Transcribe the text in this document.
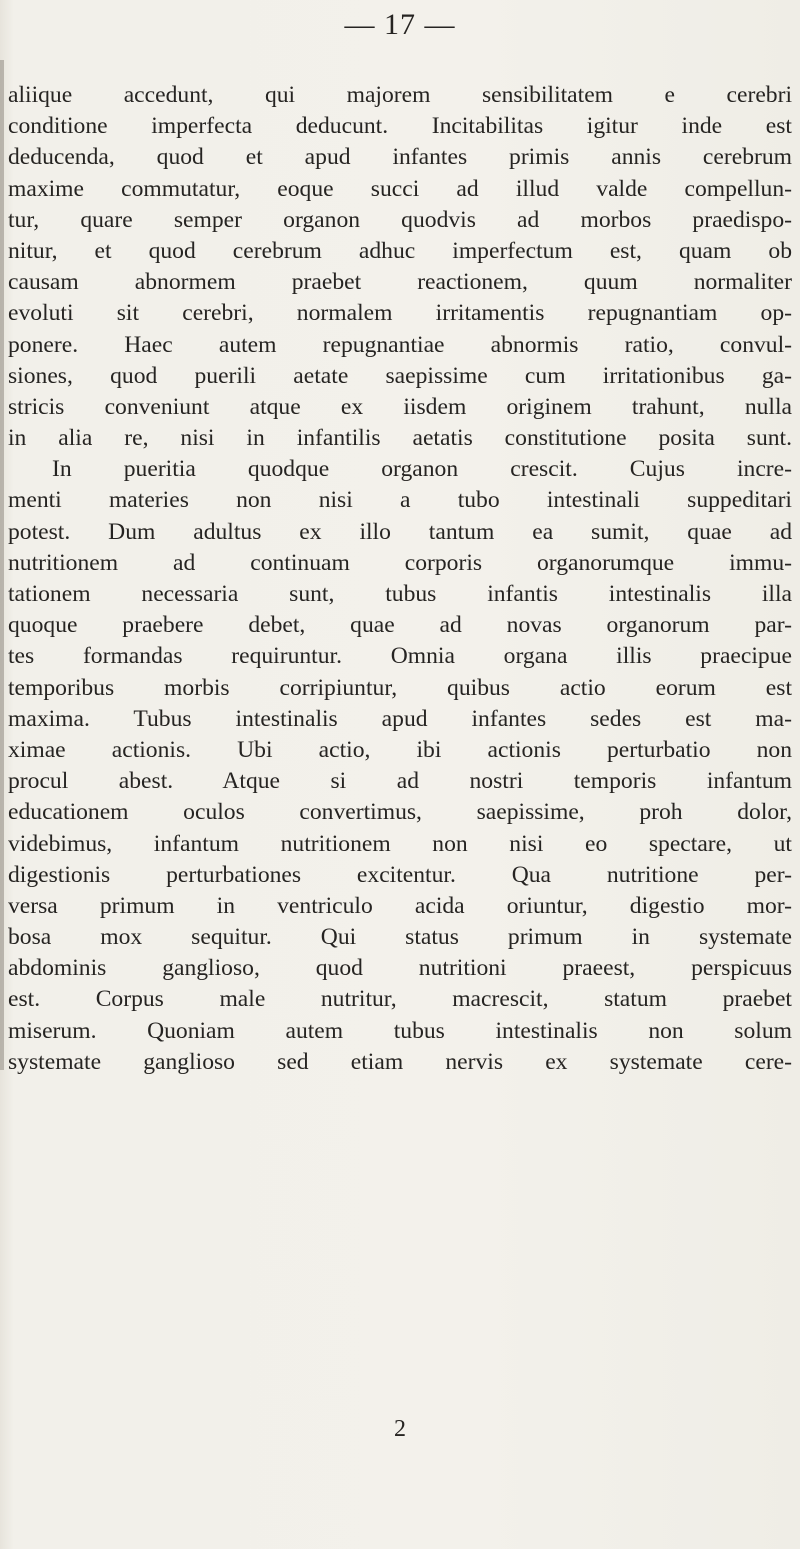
— 17 —
aliique accedunt, qui majorem sensibilitatem e cerebri
conditione imperfecta deducunt. Incitabilitas igitur inde est
deducenda, quod et apud infantes primis annis cerebrum
maxime commutatur, eoque succi ad illud valde compellun-
tur, quare semper organon quodvis ad morbos praedispo-
nitur, et quod cerebrum adhuc imperfectum est, quam ob
causam abnormem praebet reactionem, quum normaliter
evoluti sit cerebri, normalem irritamentis repugnantiam op-
ponere. Haec autem repugnantiae abnormis ratio, convul-
siones, quod puerili aetate saepissime cum irritationibus ga-
stricis conveniunt atque ex iisdem originem trahunt, nulla
in alia re, nisi in infantilis aetatis constitutione posita sunt.
In pueritia quodque organon crescit. Cujus incre-
menti materies non nisi a tubo intestinali suppeditari
potest. Dum adultus ex illo tantum ea sumit, quae ad
nutritionem ad continuam corporis organorumque immu-
tationem necessaria sunt, tubus infantis intestinalis illa
quoque praebere debet, quae ad novas organorum par-
tes formandas requiruntur. Omnia organa illis praecipue
temporibus morbis corripiuntur, quibus actio eorum est
maxima. Tubus intestinalis apud infantes sedes est ma-
ximae actionis. Ubi actio, ibi actionis perturbatio non
procul abest. Atque si ad nostri temporis infantum
educationem oculos convertimus, saepissime, proh dolor,
videbimus, infantum nutritionem non nisi eo spectare, ut
digestionis perturbationes excitentur. Qua nutritione per-
versa primum in ventriculo acida oriuntur, digestio mor-
bosa mox sequitur. Qui status primum in systemate
abdominis ganglioso, quod nutritioni praeest, perspicuus
est. Corpus male nutritur, macrescit, statum praebet
miserum. Quoniam autem tubus intestinalis non solum
systemate ganglioso sed etiam nervis ex systemate cere-
2
